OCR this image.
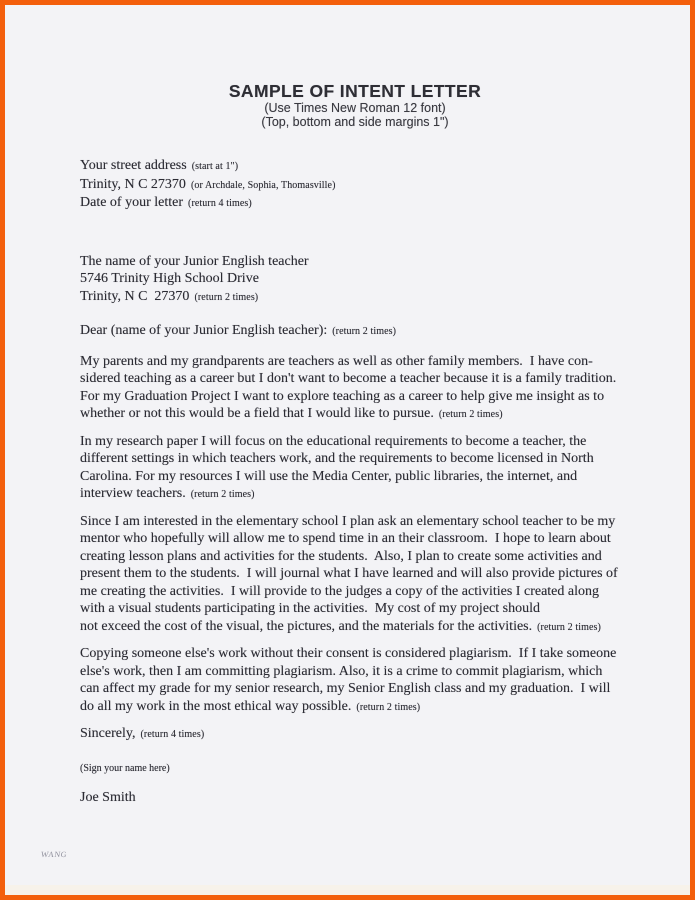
SAMPLE OF INTENT LETTER
(Use Times New Roman 12 font)
(Top, bottom and side margins 1")
Your street address (start at 1")
Trinity, N C 27370 (or Archdale, Sophia, Thomasville)
Date of your letter (return 4 times)
The name of your Junior English teacher
5746 Trinity High School Drive
Trinity, N C  27370 (return 2 times)
Dear (name of your Junior English teacher): (return 2 times)
My parents and my grandparents are teachers as well as other family members.  I have con-
sidered teaching as a career but I don't want to become a teacher because it is a family tradition.
For my Graduation Project I want to explore teaching as a career to help give me insight as to
whether or not this would be a field that I would like to pursue. (return 2 times)
In my research paper I will focus on the educational requirements to become a teacher, the
different settings in which teachers work, and the requirements to become licensed in North
Carolina. For my resources I will use the Media Center, public libraries, the internet, and
interview teachers. (return 2 times)
Since I am interested in the elementary school I plan ask an elementary school teacher to be my
mentor who hopefully will allow me to spend time in an their classroom.  I hope to learn about
creating lesson plans and activities for the students.  Also, I plan to create some activities and
present them to the students.  I will journal what I have learned and will also provide pictures of
me creating the activities.  I will provide to the judges a copy of the activities I created along
with a visual students participating in the activities.  My cost of my project should
not exceed the cost of the visual, the pictures, and the materials for the activities. (return 2 times)
Copying someone else's work without their consent is considered plagiarism.  If I take someone
else's work, then I am committing plagiarism. Also, it is a crime to commit plagiarism, which
can affect my grade for my senior research, my Senior English class and my graduation.  I will
do all my work in the most ethical way possible. (return 2 times)
Sincerely, (return 4 times)
(Sign your name here)
Joe Smith
WANG
